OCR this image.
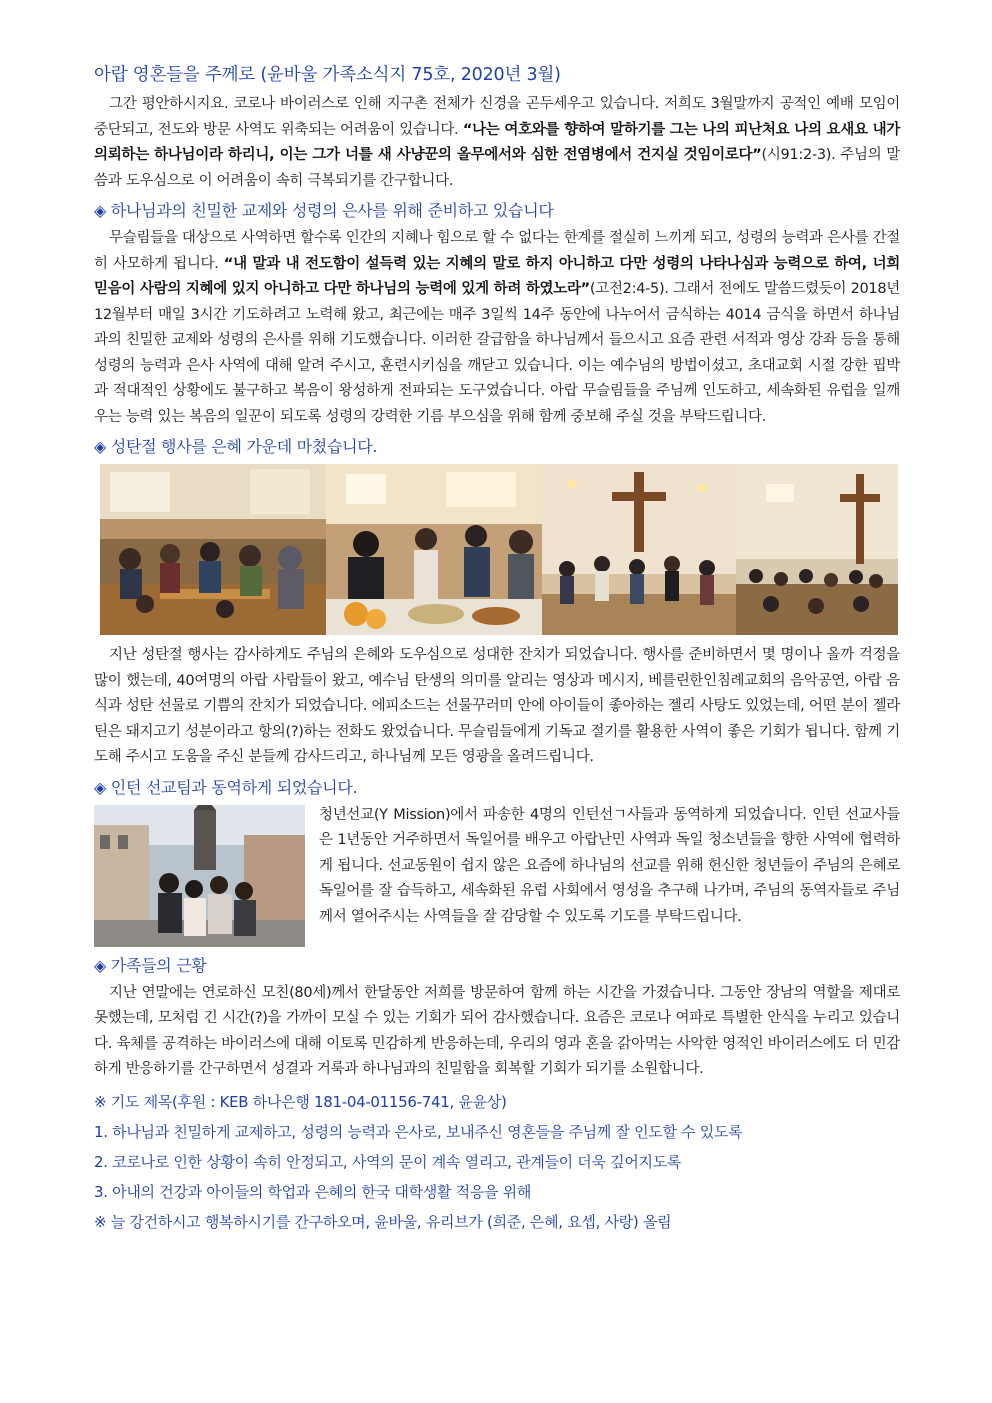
아랍 영혼들을 주께로 (윤바울 가족소식지 75호, 2020년 3월)

그간 평안하시지요. 코로나 바이러스로 인해 지구촌 전체가 신경을 곤두세우고 있습니다. 저희도 3월말까지 공적인 예배 모임이 중단되고, 전도와 방문 사역도 위축되는 어려움이 있습니다. “나는 여호와를 향하여 말하기를 그는 나의 피난처요 나의 요새요 내가 의뢰하는 하나님이라 하리니, 이는 그가 너를 새 사냥꾼의 올무에서와 심한 전염병에서 건지실 것임이로다”(시91:2-3). 주님의 말씀과 도우심으로 이 어려움이 속히 극복되기를 간구합니다.

◈ 하나님과의 친밀한 교제와 성령의 은사를 위해 준비하고 있습니다

무슬림들을 대상으로 사역하면 할수록 인간의 지혜나 힘으로 할 수 없다는 한계를 절실히 느끼게 되고, 성령의 능력과 은사를 간절히 사모하게 됩니다. “내 말과 내 전도함이 설득력 있는 지혜의 말로 하지 아니하고 다만 성령의 나타나심과 능력으로 하여, 너희 믿음이 사람의 지혜에 있지 아니하고 다만 하나님의 능력에 있게 하려 하였노라”(고전2:4-5). 그래서 전에도 말씀드렸듯이 2018년 12월부터 매일 3시간 기도하려고 노력해 왔고, 최근에는 매주 3일씩 14주 동안에 나누어서 금식하는 4014 금식을 하면서 하나님과의 친밀한 교제와 성령의 은사를 위해 기도했습니다. 이러한 갈급함을 하나님께서 들으시고 요즘 관련 서적과 영상 강좌 등을 통해 성령의 능력과 은사 사역에 대해 알려 주시고, 훈련시키심을 깨닫고 있습니다. 이는 예수님의 방법이셨고, 초대교회 시절 강한 핍박과 적대적인 상황에도 불구하고 복음이 왕성하게 전파되는 도구였습니다. 아랍 무슬림들을 주님께 인도하고, 세속화된 유럽을 일깨우는 능력 있는 복음의 일꾼이 되도록 성령의 강력한 기름 부으심을 위해 함께 중보해 주실 것을 부탁드립니다.

◈ 성탄절 행사를 은혜 가운데 마쳤습니다.

지난 성탄절 행사는 감사하게도 주님의 은혜와 도우심으로 성대한 잔치가 되었습니다. 행사를 준비하면서 몇 명이나 올까 걱정을 많이 했는데, 40여명의 아랍 사람들이 왔고, 예수님 탄생의 의미를 알리는 영상과 메시지, 베를린한인침례교회의 음악공연, 아랍 음식과 성탄 선물로 기쁨의 잔치가 되었습니다. 에피소드는 선물꾸러미 안에 아이들이 좋아하는 젤리 사탕도 있었는데, 어떤 분이 젤라틴은 돼지고기 성분이라고 항의(?)하는 전화도 왔었습니다. 무슬림들에게 기독교 절기를 활용한 사역이 좋은 기회가 됩니다. 함께 기도해 주시고 도움을 주신 분들께 감사드리고, 하나님께 모든 영광을 올려드립니다.

◈ 인턴 선교팀과 동역하게 되었습니다.

청년선교(Y Mission)에서 파송한 4명의 인턴선ㄱ사들과 동역하게 되었습니다. 인턴 선교사들은 1년동안 거주하면서 독일어를 배우고 아랍난민 사역과 독일 청소년들을 향한 사역에 협력하게 됩니다. 선교동원이 쉽지 않은 요즘에 하나님의 선교를 위해 헌신한 청년들이 주님의 은혜로 독일어를 잘 습득하고, 세속화된 유럽 사회에서 영성을 추구해 나가며, 주님의 동역자들로 주님께서 열어주시는 사역들을 잘 감당할 수 있도록 기도를 부탁드립니다.

◈ 가족들의 근황

지난 연말에는 연로하신 모친(80세)께서 한달동안 저희를 방문하여 함께 하는 시간을 가졌습니다. 그동안 장남의 역할을 제대로 못했는데, 모처럼 긴 시간(?)을 가까이 모실 수 있는 기회가 되어 감사했습니다. 요즘은 코로나 여파로 특별한 안식을 누리고 있습니다. 육체를 공격하는 바이러스에 대해 이토록 민감하게 반응하는데, 우리의 영과 혼을 갉아먹는 사악한 영적인 바이러스에도 더 민감하게 반응하기를 간구하면서 성결과 거룩과 하나님과의 친밀함을 회복할 기회가 되기를 소원합니다.

※ 기도 제목(후원 : KEB 하나은행 181-04-01156-741, 윤윤상)

1. 하나님과 친밀하게 교제하고, 성령의 능력과 은사로, 보내주신 영혼들을 주님께 잘 인도할 수 있도록

2. 코로나로 인한 상황이 속히 안정되고, 사역의 문이 계속 열리고, 관계들이 더욱 깊어지도록

3. 아내의 건강과 아이들의 학업과 은혜의 한국 대학생활 적응을 위해

※ 늘 강건하시고 행복하시기를 간구하오며, 윤바울, 유리브가 (희준, 은혜, 요셉, 사랑) 올림
